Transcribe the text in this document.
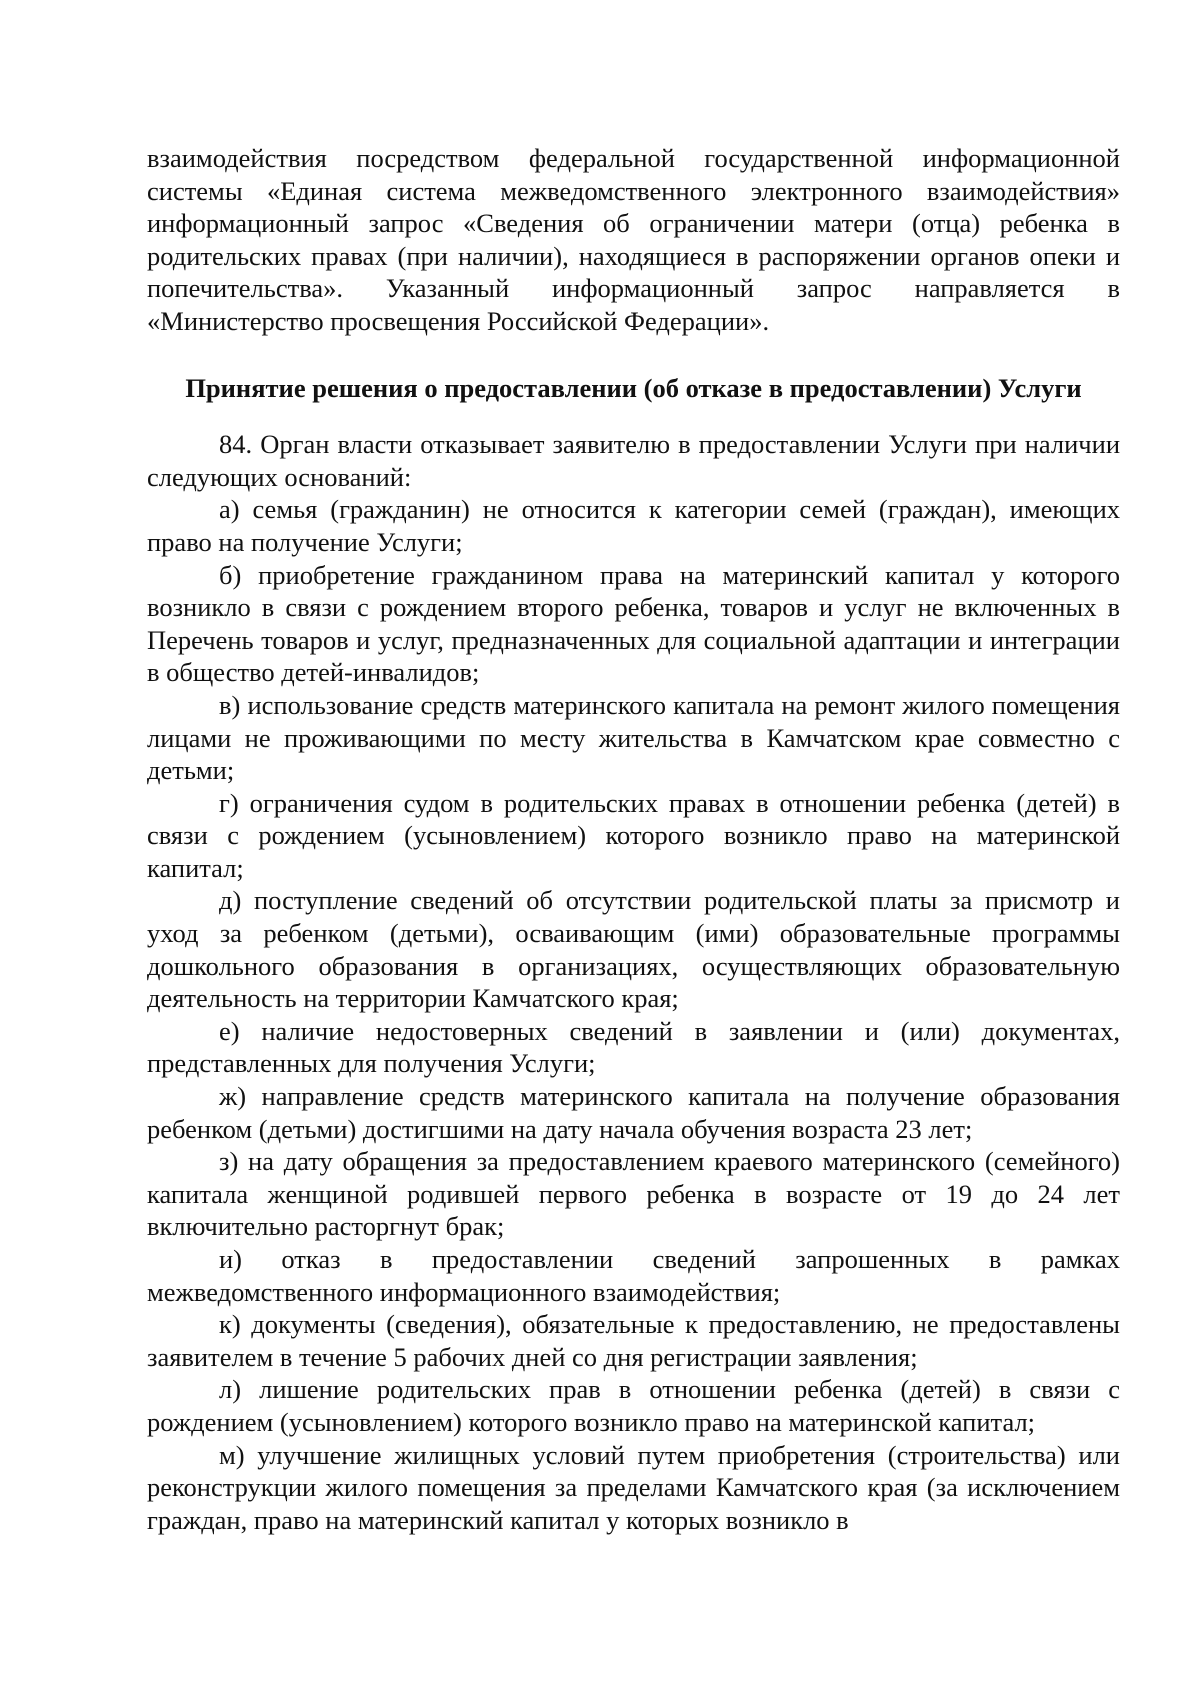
взаимодействия посредством федеральной государственной информационной системы «Единая система межведомственного электронного взаимодействия» информационный запрос «Сведения об ограничении матери (отца) ребенка в родительских правах (при наличии), находящиеся в распоряжении органов опеки и попечительства». Указанный информационный запрос направляется в «Министерство просвещения Российской Федерации».

Принятие решения о предоставлении (об отказе в предоставлении) Услуги

84. Орган власти отказывает заявителю в предоставлении Услуги при наличии следующих оснований:

а) семья (гражданин) не относится к категории семей (граждан), имеющих право на получение Услуги;

б) приобретение гражданином права на материнский капитал у которого возникло в связи с рождением второго ребенка, товаров и услуг не включенных в Перечень товаров и услуг, предназначенных для социальной адаптации и интеграции в общество детей-инвалидов;

в) использование средств материнского капитала на ремонт жилого помещения лицами не проживающими по месту жительства в Камчатском крае совместно с детьми;

г) ограничения судом в родительских правах в отношении ребенка (детей) в связи с рождением (усыновлением) которого возникло право на материнской капитал;

д) поступление сведений об отсутствии родительской платы за присмотр и уход за ребенком (детьми), осваивающим (ими) образовательные программы дошкольного образования в организациях, осуществляющих образовательную деятельность на территории Камчатского края;

е) наличие недостоверных сведений в заявлении и (или) документах, представленных для получения Услуги;

ж) направление средств материнского капитала на получение образования ребенком (детьми) достигшими на дату начала обучения возраста 23 лет;

з) на дату обращения за предоставлением краевого материнского (семейного) капитала женщиной родившей первого ребенка в возрасте от 19 до 24 лет включительно расторгнут брак;

и) отказ в предоставлении сведений запрошенных в рамках межведомственного информационного взаимодействия;

к) документы (сведения), обязательные к предоставлению, не предоставлены заявителем в течение 5 рабочих дней со дня регистрации заявления;

л) лишение родительских прав в отношении ребенка (детей) в связи с рождением (усыновлением) которого возникло право на материнской капитал;

м) улучшение жилищных условий путем приобретения (строительства) или реконструкции жилого помещения за пределами Камчатского края (за исключением граждан, право на материнский капитал у которых возникло в
